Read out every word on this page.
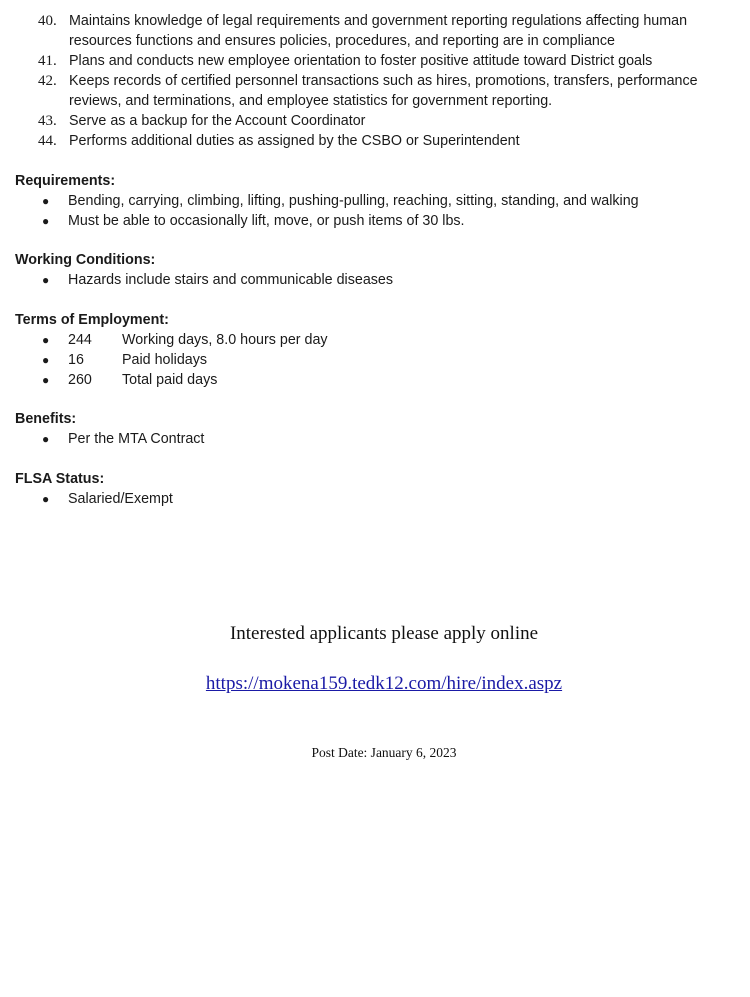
40. Maintains knowledge of legal requirements and government reporting regulations affecting human resources functions and ensures policies, procedures, and reporting are in compliance
41. Plans and conducts new employee orientation to foster positive attitude toward District goals
42. Keeps records of certified personnel transactions such as hires, promotions, transfers, performance reviews, and terminations, and employee statistics for government reporting.
43. Serve as a backup for the Account Coordinator
44. Performs additional duties as assigned by the CSBO or Superintendent
Requirements:
●	Bending, carrying, climbing, lifting, pushing-pulling, reaching, sitting, standing, and walking
●	Must be able to occasionally lift, move, or push items of 30 lbs.
Working Conditions:
●	Hazards include stairs and communicable diseases
Terms of Employment:
●	244	Working days, 8.0 hours per day
●	16	Paid holidays
●	260	Total paid days
Benefits:
●	Per the MTA Contract
FLSA Status:
●	Salaried/Exempt
Interested applicants please apply online
https://mokena159.tedk12.com/hire/index.aspz
Post Date: January 6, 2023
